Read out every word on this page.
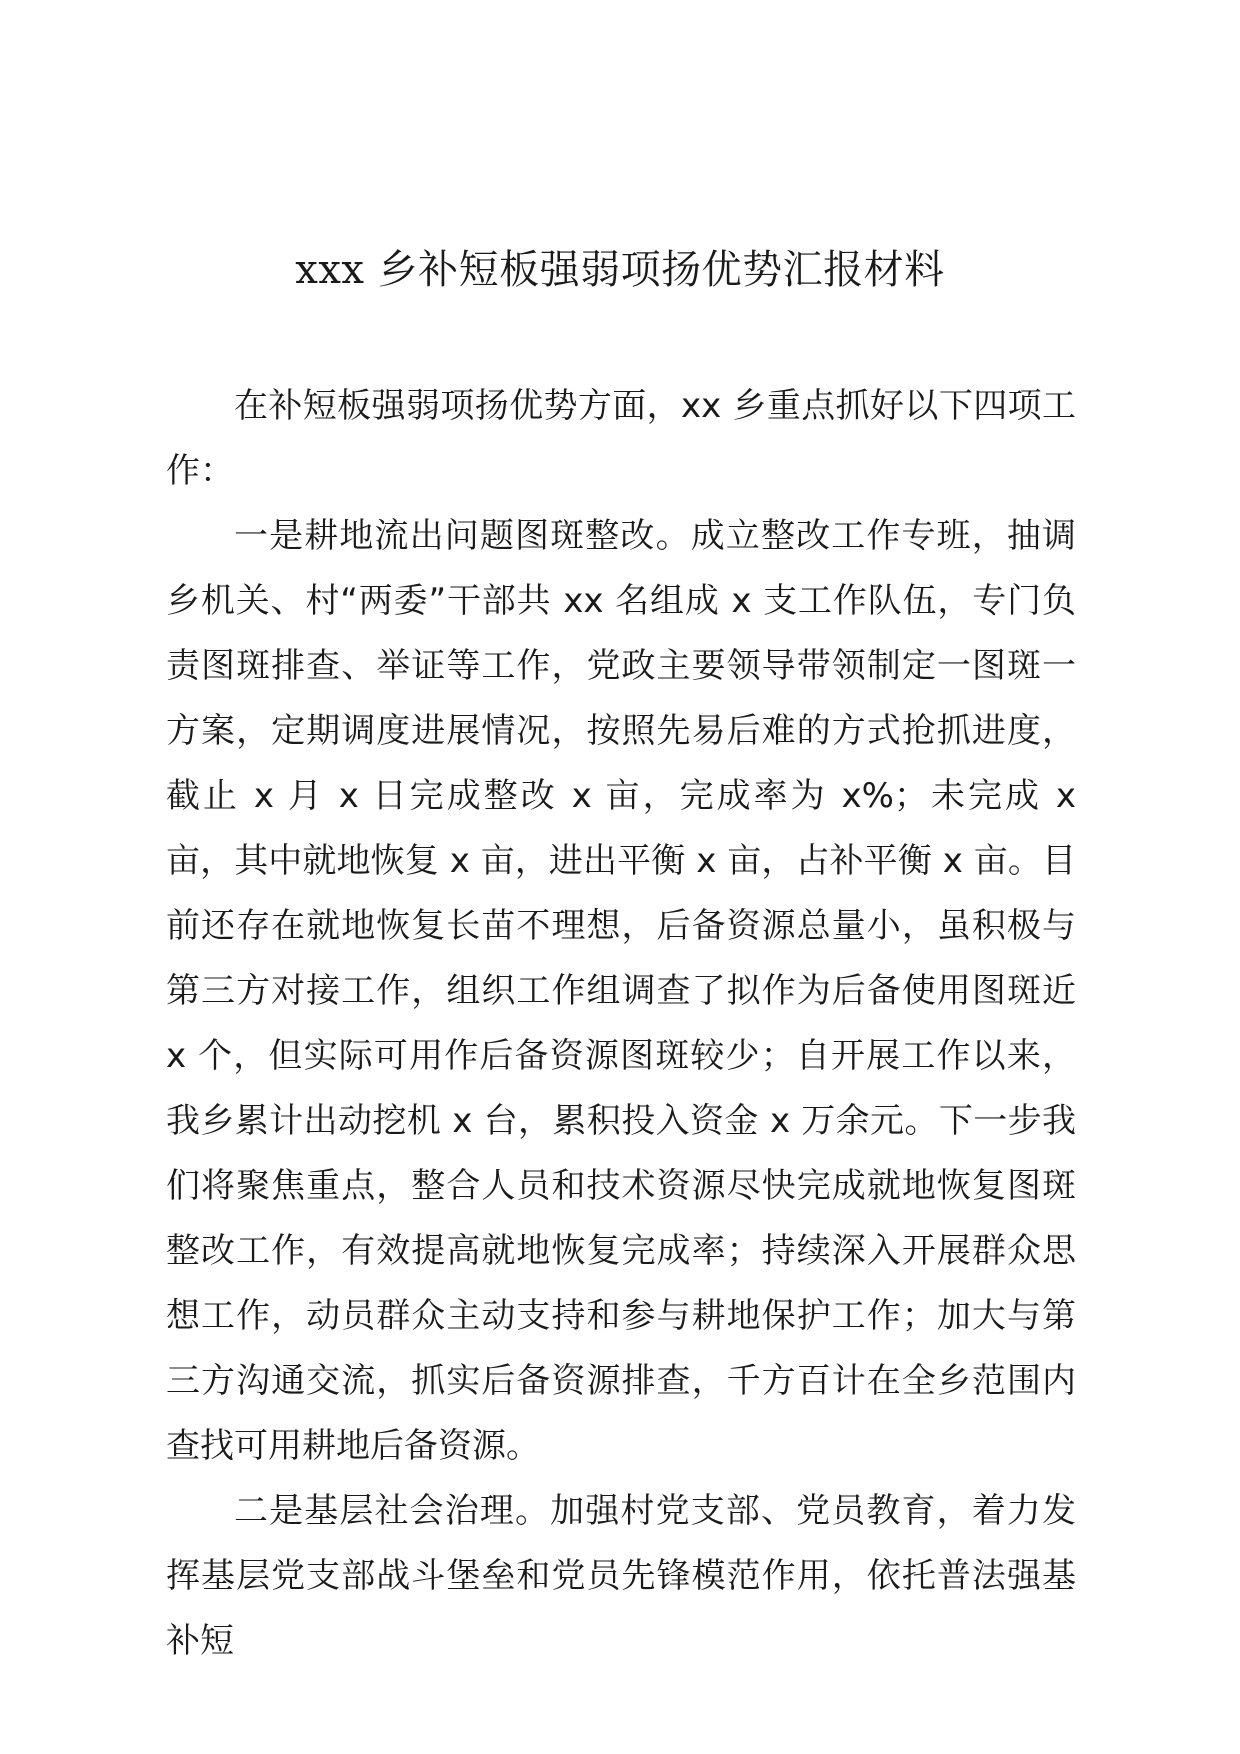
xxx 乡补短板强弱项扬优势汇报材料

在补短板强弱项扬优势方面，xx 乡重点抓好以下四项工作：

一是耕地流出问题图斑整改。成立整改工作专班，抽调乡机关、村“两委”干部共 xx 名组成 x 支工作队伍，专门负责图斑排查、举证等工作，党政主要领导带领制定一图斑一方案，定期调度进展情况，按照先易后难的方式抢抓进度，截止 x 月 x 日完成整改 x 亩，完成率为 x%；未完成 x 亩，其中就地恢复 x 亩，进出平衡 x 亩，占补平衡 x 亩。目前还存在就地恢复长苗不理想，后备资源总量小，虽积极与第三方对接工作，组织工作组调查了拟作为后备使用图斑近 x 个，但实际可用作后备资源图斑较少；自开展工作以来，我乡累计出动挖机 x 台，累积投入资金 x 万余元。下一步我们将聚焦重点，整合人员和技术资源尽快完成就地恢复图斑整改工作，有效提高就地恢复完成率；持续深入开展群众思想工作，动员群众主动支持和参与耕地保护工作；加大与第三方沟通交流，抓实后备资源排查，千方百计在全乡范围内查找可用耕地后备资源。

二是基层社会治理。加强村党支部、党员教育，着力发挥基层党支部战斗堡垒和党员先锋模范作用，依托普法强基补短
